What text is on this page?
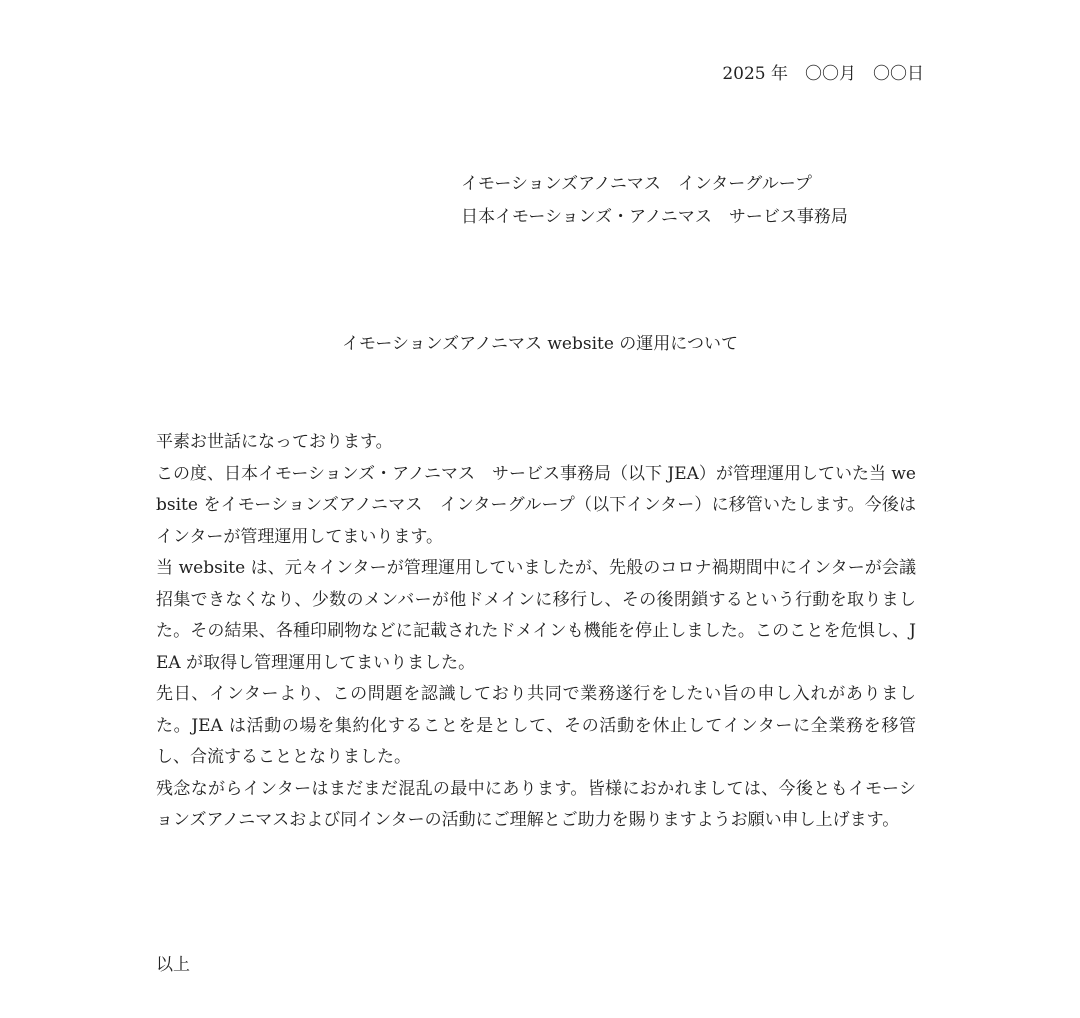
2025 年　〇〇月　〇〇日
イモーションズアノニマス　インターグループ
日本イモーションズ・アノニマス　サービス事務局
イモーションズアノニマス website の運用について

平素お世話になっております。

この度、日本イモーションズ・アノニマス　サービス事務局（以下 JEA）が管理運用していた当 website をイモーションズアノニマス　インターグループ（以下インター）に移管いたします。今後はインターが管理運用してまいります。

当 website は、元々インターが管理運用していましたが、先般のコロナ禍期間中にインターが会議招集できなくなり、少数のメンバーが他ドメインに移行し、その後閉鎖するという行動を取りました。その結果、各種印刷物などに記載されたドメインも機能を停止しました。このことを危惧し、JEA が取得し管理運用してまいりました。

先日、インターより、この問題を認識しており共同で業務遂行をしたい旨の申し入れがありました。JEA は活動の場を集約化することを是として、その活動を休止してインターに全業務を移管し、合流することとなりました。

残念ながらインターはまだまだ混乱の最中にあります。皆様におかれましては、今後ともイモーションズアノニマスおよび同インターの活動にご理解とご助力を賜りますようお願い申し上げます。

以上
